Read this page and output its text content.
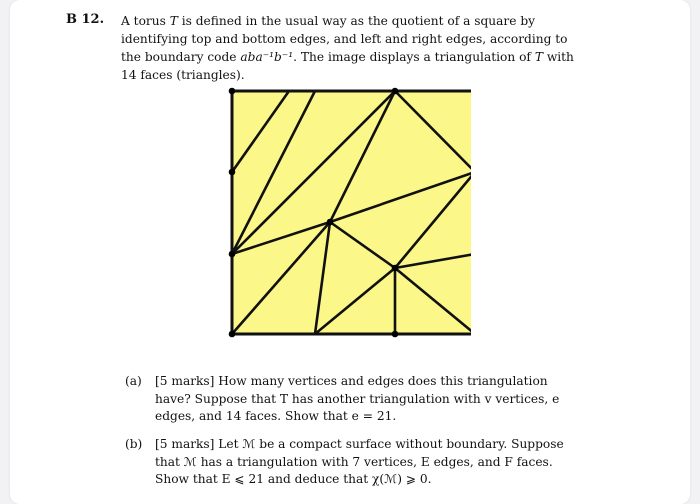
B 12. A torus T is defined in the usual way as the quotient of a square by identifying top and bottom edges, and left and right edges, according to the boundary code aba⁻¹b⁻¹. The image displays a triangulation of T with 14 faces (triangles).
(a)	[5 marks] How many vertices and edges does this triangulation have? Suppose that T has another triangulation with v vertices, e edges, and 14 faces. Show that e = 21.
(b)	[5 marks] Let ℳ be a compact surface without boundary. Suppose that ℳ has a triangulation with 7 vertices, E edges, and F faces. Show that E ⩽ 21 and deduce that χ(ℳ) ⩾ 0.
